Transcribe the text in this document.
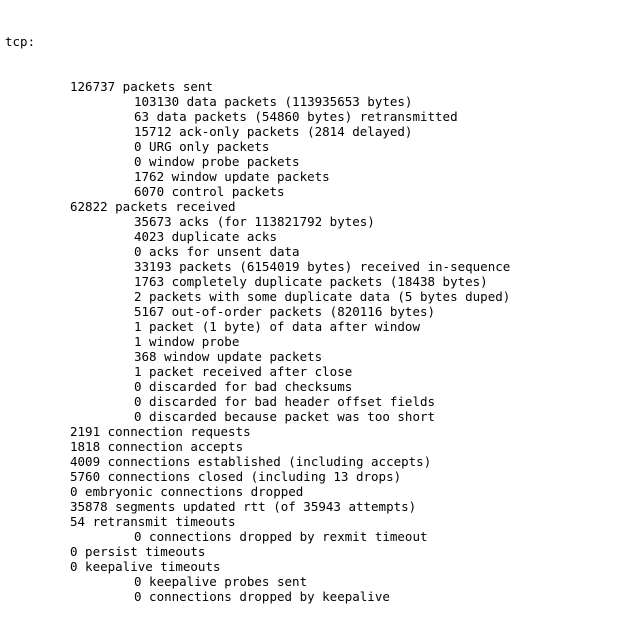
tcp:

126737 packets sent
103130 data packets (113935653 bytes)
63 data packets (54860 bytes) retransmitted
15712 ack-only packets (2814 delayed)
0 URG only packets
0 window probe packets
1762 window update packets
6070 control packets
62822 packets received
35673 acks (for 113821792 bytes)
4023 duplicate acks
0 acks for unsent data
33193 packets (6154019 bytes) received in-sequence
1763 completely duplicate packets (18438 bytes)
2 packets with some duplicate data (5 bytes duped)
5167 out-of-order packets (820116 bytes)
1 packet (1 byte) of data after window
1 window probe
368 window update packets
1 packet received after close
0 discarded for bad checksums
0 discarded for bad header offset fields
0 discarded because packet was too short
2191 connection requests
1818 connection accepts
4009 connections established (including accepts)
5760 connections closed (including 13 drops)
0 embryonic connections dropped
35878 segments updated rtt (of 35943 attempts)
54 retransmit timeouts
0 connections dropped by rexmit timeout
0 persist timeouts
0 keepalive timeouts
0 keepalive probes sent
0 connections dropped by keepalive
